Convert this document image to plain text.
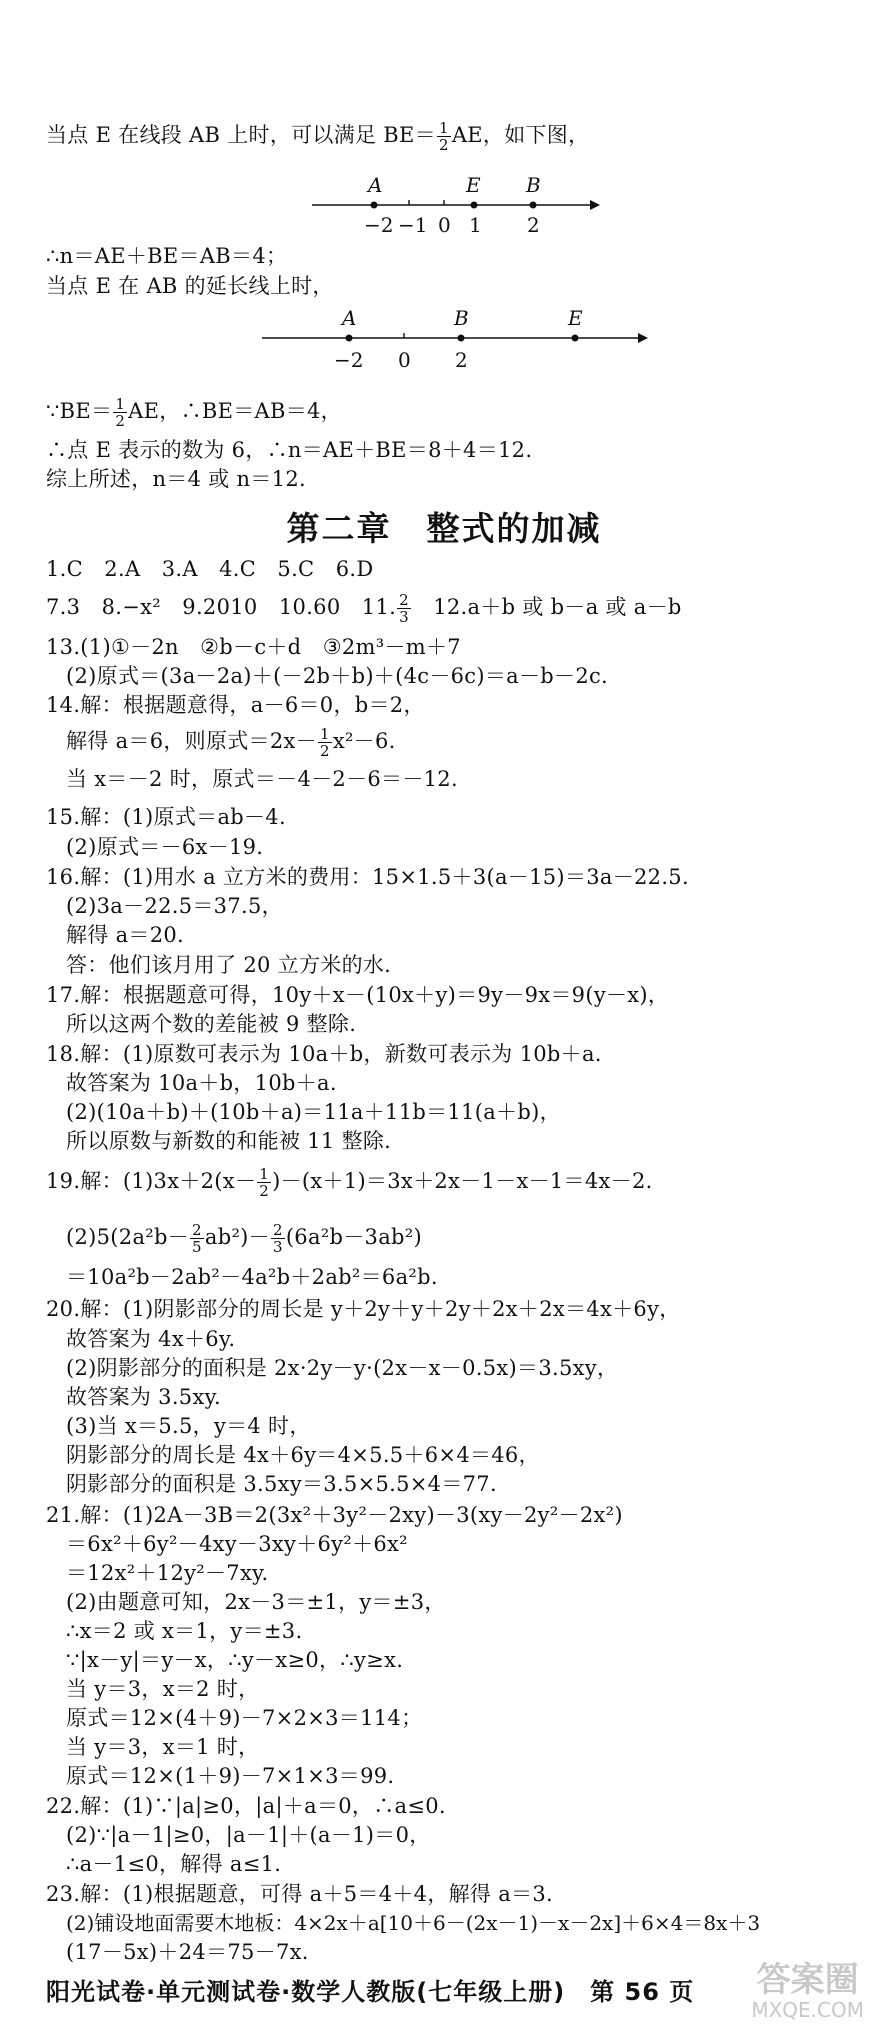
当点 E 在线段 AB 上时，可以满足 $BE= \frac{1}{2}$ AE，如下图，

A	E B
−2 −1 0 1 2

∴n＝AE＋BE＝AB＝4；

当点 E 在 AB 的延长线上时，

A	B	E
−2 0 2

∵BE＝ $\frac{1}{2}$ AE，∴BE＝AB＝4，

∴点 E 表示的数为 6，∴n＝AE＋BE＝8＋4＝12.

综上所述，n＝4 或 n＝12.

第二章　 整式的加减

1.C　2.A　3.A　4.C　5.C　6.D

7.3　8.−x²　9.2010　10.60　11. $\frac{2}{3}$ 　12.a＋b 或 b－a 或 a－b

13.(1)①－2n　②b－c＋d　③2m³－m＋7

(2)原式＝(3a－2a)＋(－2b＋b)＋(4c－6c)＝a－b－2c.

14.解：根据题意得，a－6＝0，b＝2，

解得 a＝6，则原式$=2x- \frac{1}{2} x^2-6$.

当 x＝－2 时，原式＝－4－2－6＝－12.

15.解：(1)原式＝ab－4.

(2)原式＝－6x－19.

16.解：(1)用水 a 立方米的费用：15×1.5＋3(a－15)＝3a－22.5.

(2)3a－22.5＝37.5，

解得 a＝20.

答：他们该月用了 20 立方米的水.

17.解：根据题意可得，10y＋x－(10x＋y)＝9y－9x＝9(y－x)，

所以这两个数的差能被 9 整除.

18.解：(1)原数可表示为 10a＋b，新数可表示为 10b＋a.

故答案为 10a＋b，10b＋a.

(2)(10a＋b)＋(10b＋a)＝11a＋11b＝11(a＋b)，

所以原数与新数的和能被 11 整除.

19.解：$(1)3x+2(x- \frac{1}{2} )-(x+1)=3x+2x-1-x-1=4x-2$.

$(2)5(2a^2b- \frac{2}{5} ab^2)- \frac{2}{3} (6a^2b-3ab^2)$

＝10a²b－2ab²－4a²b＋2ab²＝6a²b.

20.解：(1)阴影部分的周长是 y＋2y＋y＋2y＋2x＋2x＝4x＋6y，

故答案为 4x＋6y.

(2)阴影部分的面积是 2x·2y－y·(2x－x－0.5x)＝3.5xy，

故答案为 3.5xy.

(3)当 x＝5.5，y＝4 时，

阴影部分的周长是 4x＋6y＝4×5.5＋6×4＝46，

阴影部分的面积是 3.5xy＝3.5×5.5×4＝77.

21.解：(1)2A－3B＝2(3x²＋3y²－2xy)－3(xy－2y²－2x²)

＝6x²＋6y²－4xy－3xy＋6y²＋6x²

＝12x²＋12y²－7xy.

(2)由题意可知，2x－3＝±1，y＝±3，

∴x＝2 或 x＝1，y＝±3.

∵|x－y|＝y－x，∴y－x≥0，∴y≥x.

当 y＝3，x＝2 时，

原式＝12×(4＋9)－7×2×3＝114；

当 y＝3，x＝1 时，

原式＝12×(1＋9)－7×1×3＝99.

22.解：(1)∵|a|≥0，|a|＋a＝0，∴a≤0.

(2)∵|a－1|≥0，|a－1|＋(a－1)＝0，

∴a－1≤0，解得 a≤1.

23.解：(1)根据题意，可得 a＋5＝4＋4，解得 a＝3.

(2)铺设地面需要木地板：4×2x＋a[10＋6－(2x－1)－x－2x]＋6×4＝8x＋3

(17－5x)＋24＝75－7x.

阳光试卷·单元测试卷·数学人教版(七年级上册)　 第 56 页 答案圈
MXQE.COM
